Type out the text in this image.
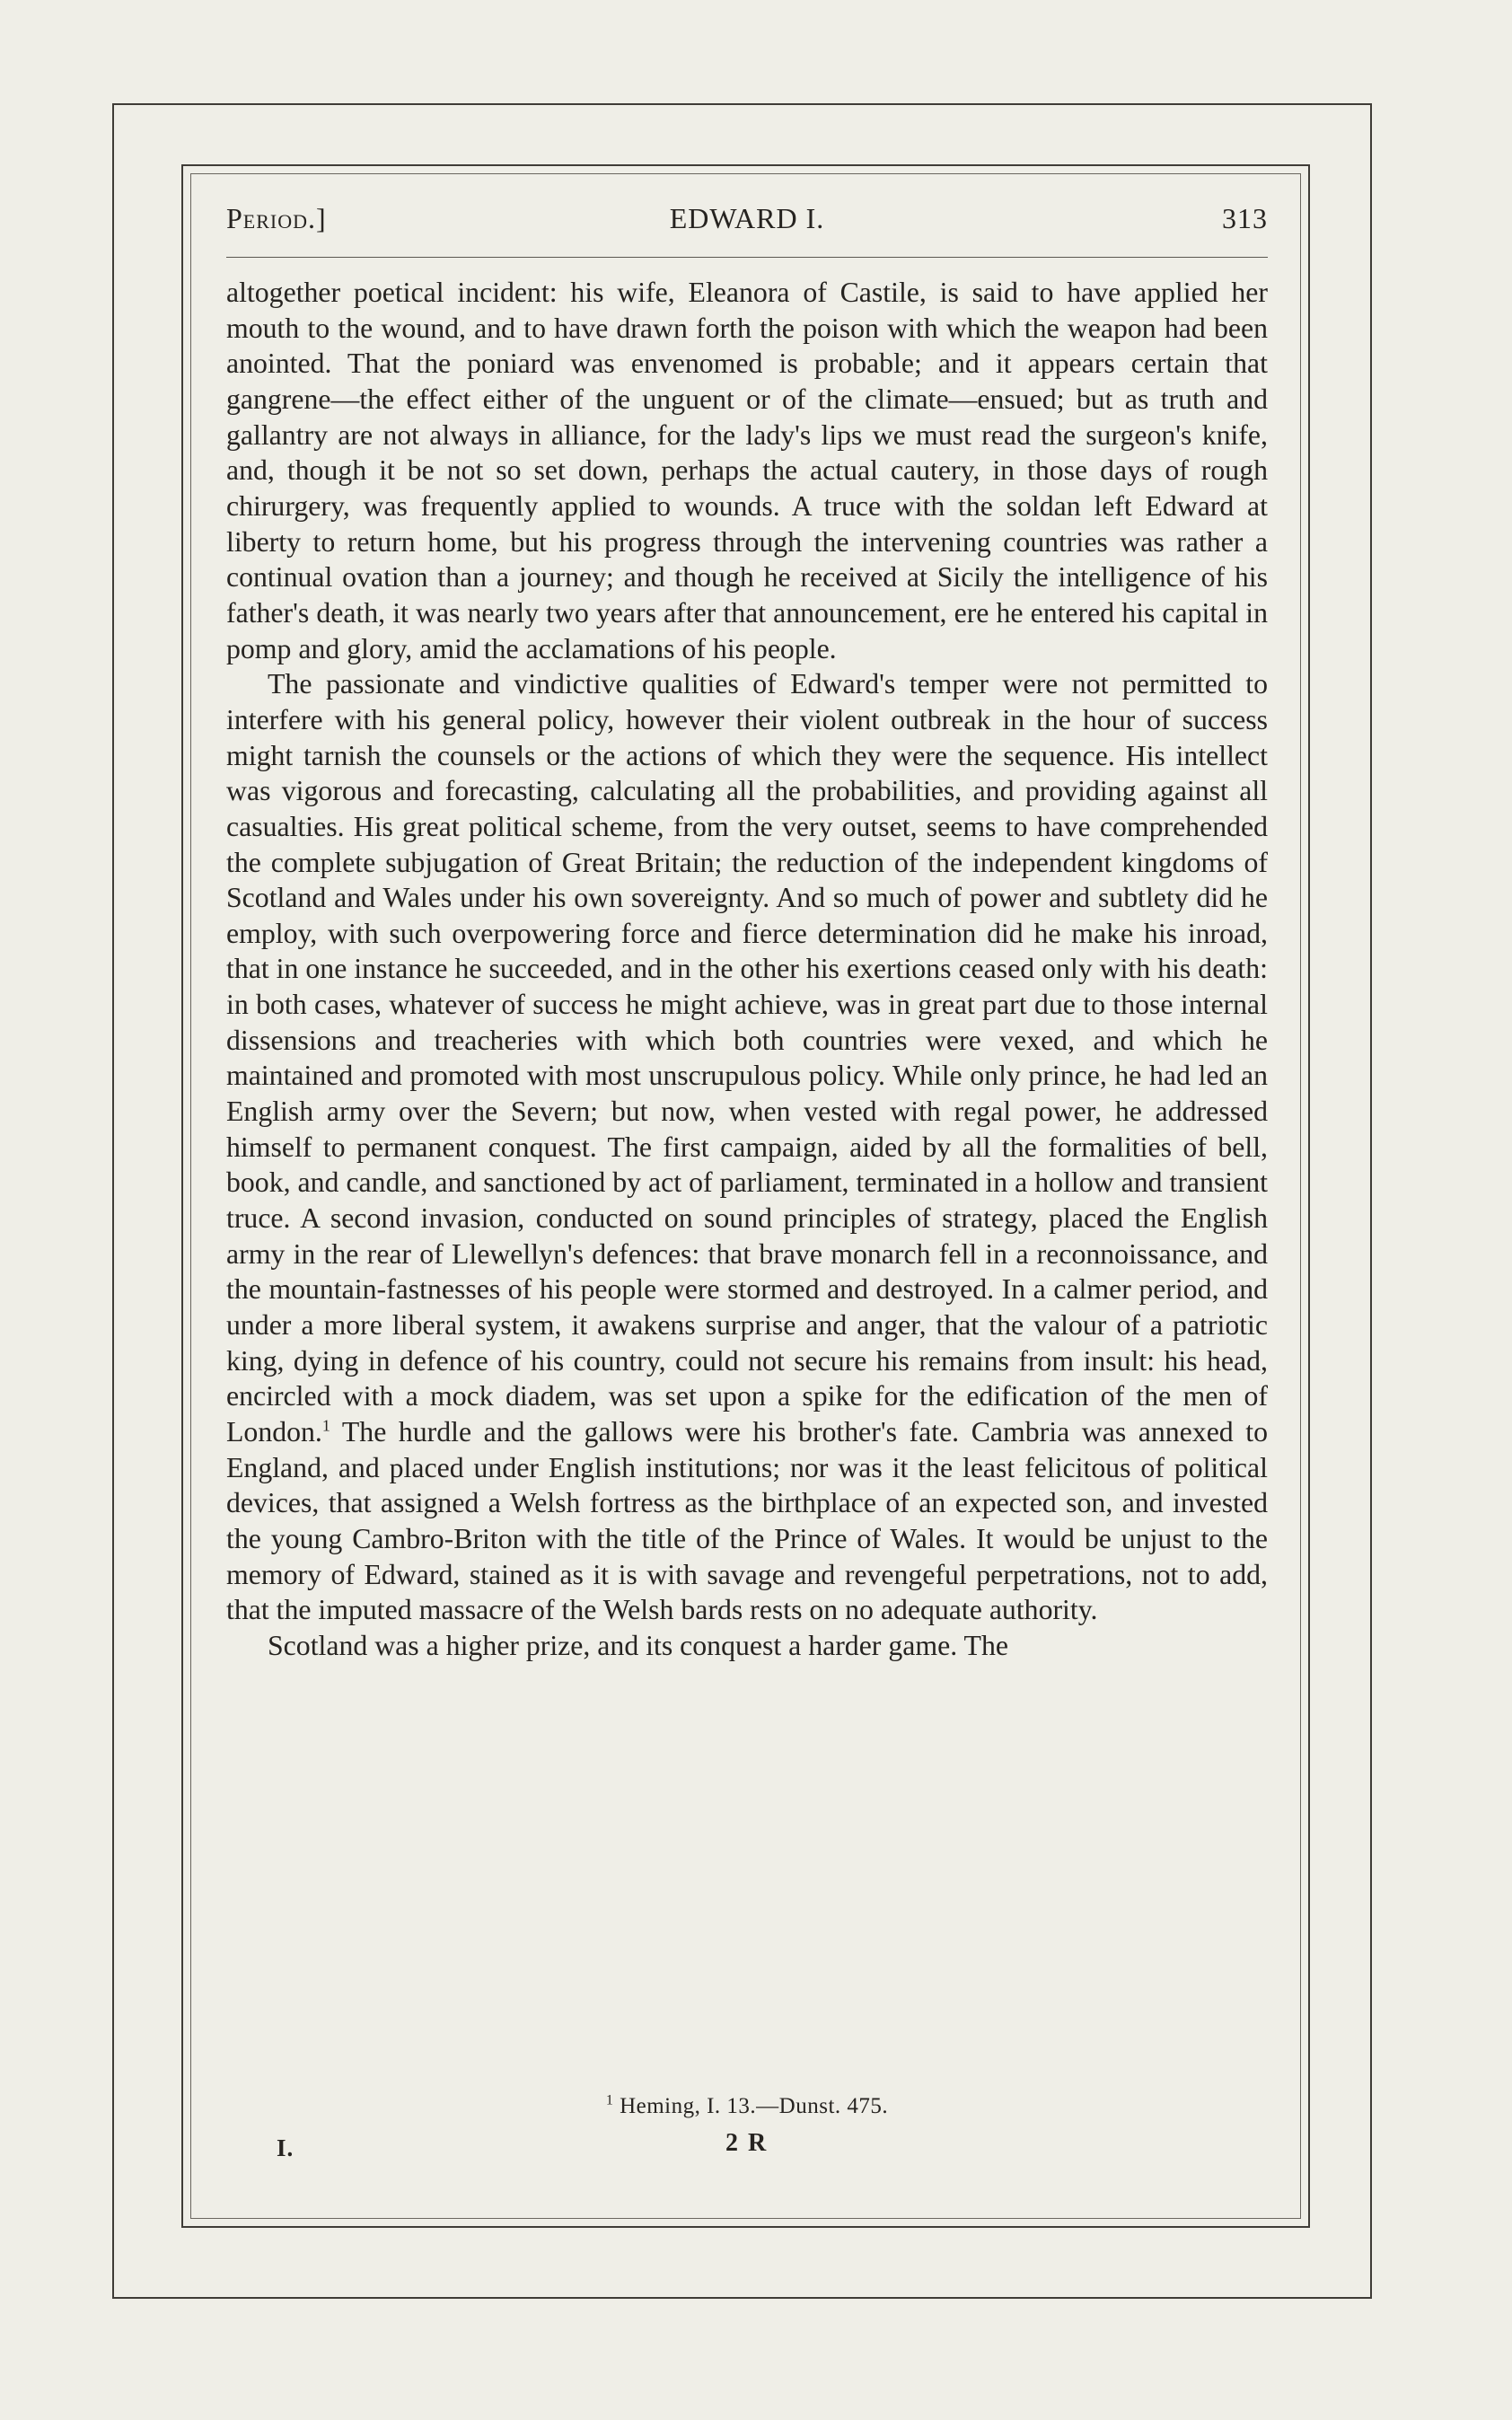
Period.]	EDWARD I.	313

altogether poetical incident: his wife, Eleanora of Castile, is said to have applied her mouth to the wound, and to have drawn forth the poison with which the weapon had been anointed. That the poniard was envenomed is probable; and it appears certain that gangrene—the effect either of the unguent or of the climate—ensued; but as truth and gallantry are not always in alliance, for the lady's lips we must read the surgeon's knife, and, though it be not so set down, perhaps the actual cautery, in those days of rough chirurgery, was frequently applied to wounds. A truce with the soldan left Edward at liberty to return home, but his progress through the intervening countries was rather a continual ovation than a journey; and though he received at Sicily the intelligence of his father's death, it was nearly two years after that announcement, ere he entered his capital in pomp and glory, amid the acclamations of his people.

The passionate and vindictive qualities of Edward's temper were not permitted to interfere with his general policy, however their violent outbreak in the hour of success might tarnish the counsels or the actions of which they were the sequence. His intellect was vigorous and forecasting, calculating all the probabilities, and providing against all casualties. His great political scheme, from the very outset, seems to have comprehended the complete subjugation of Great Britain; the reduction of the independent kingdoms of Scotland and Wales under his own sovereignty. And so much of power and subtlety did he employ, with such overpowering force and fierce determination did he make his inroad, that in one instance he succeeded, and in the other his exertions ceased only with his death: in both cases, whatever of success he might achieve, was in great part due to those internal dissensions and treacheries with which both countries were vexed, and which he maintained and promoted with most unscrupulous policy. While only prince, he had led an English army over the Severn; but now, when vested with regal power, he addressed himself to permanent conquest. The first campaign, aided by all the formalities of bell, book, and candle, and sanctioned by act of parliament, terminated in a hollow and transient truce. A second invasion, conducted on sound principles of strategy, placed the English army in the rear of Llewellyn's defences: that brave monarch fell in a reconnoissance, and the mountain-fastnesses of his people were stormed and destroyed. In a calmer period, and under a more liberal system, it awakens surprise and anger, that the valour of a patriotic king, dying in defence of his country, could not secure his remains from insult: his head, encircled with a mock diadem, was set upon a spike for the edification of the men of London.$^1$ The hurdle and the gallows were his brother's fate. Cambria was annexed to England, and placed under English institutions; nor was it the least felicitous of political devices, that assigned a Welsh fortress as the birthplace of an expected son, and invested the young Cambro-Briton with the title of the Prince of Wales. It would be unjust to the memory of Edward, stained as it is with savage and revengeful perpetrations, not to add, that the imputed massacre of the Welsh bards rests on no adequate authority.

Scotland was a higher prize, and its conquest a harder game. The

$^1$ Heming, I. 13.—Dunst. 475.
I.	2 R
